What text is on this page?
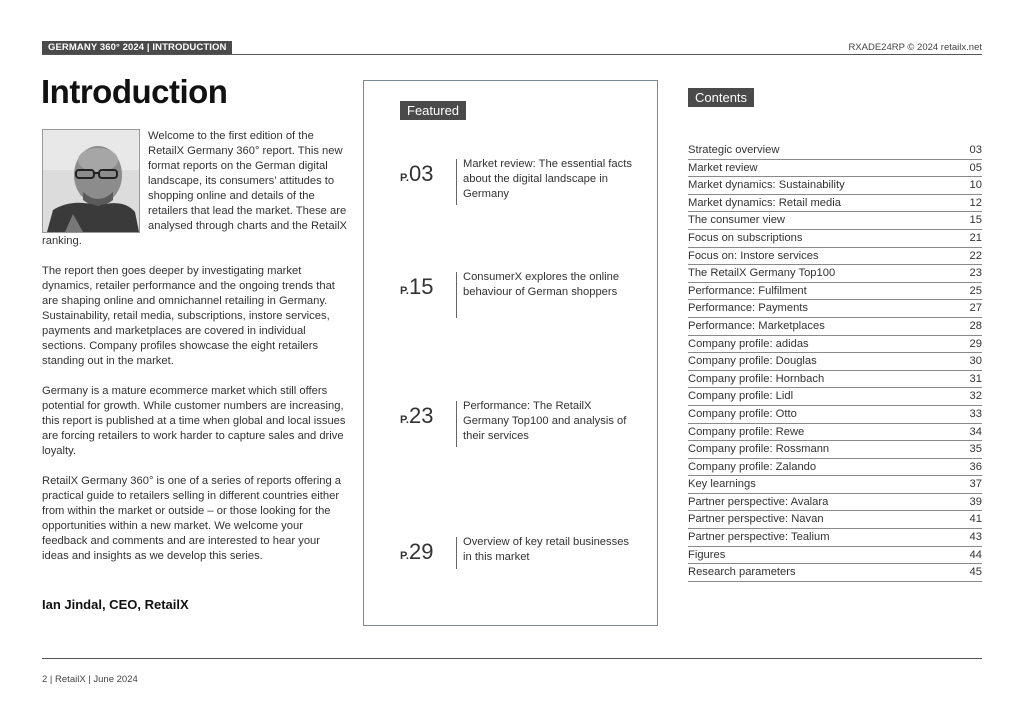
GERMANY 360° 2024 | INTRODUCTION	RXADE24RP © 2024 retailx.net
Introduction

Welcome to the first edition of the RetailX Germany 360° report. This new format reports on the German digital landscape, its consumers’ attitudes to shopping online and details of the retailers that lead the market. These are analysed through charts and the RetailX ranking.

The report then goes deeper by investigating market dynamics, retailer performance and the ongoing trends that are shaping online and omnichannel retailing in Germany. Sustainability, retail media, subscriptions, instore services, payments and marketplaces are covered in individual sections. Company profiles showcase the eight retailers standing out in the market.

Germany is a mature ecommerce market which still offers potential for growth. While customer numbers are increasing, this report is published at a time when global and local issues are forcing retailers to work harder to capture sales and drive loyalty.

RetailX Germany 360° is one of a series of reports offering a practical guide to retailers selling in different countries either from within the market or outside – or those looking for the opportunities within a new market. We welcome your feedback and comments and are interested to hear your ideas and insights as we develop this series.

Ian Jindal, CEO, RetailX
Featured
P.03	Market review: The essential facts about the digital landscape in Germany
P.15	ConsumerX explores the online behaviour of German shoppers
P.23	Performance: The RetailX Germany Top100 and analysis of their services
P.29	Overview of key retail businesses in this market
Contents
Strategic overview	03
Market review	05
Market dynamics: Sustainability	10
Market dynamics: Retail media	12
The consumer view	15
Focus on subscriptions	21
Focus on: Instore services	22
The RetailX Germany Top100	23
Performance: Fulfilment	25
Performance: Payments	27
Performance: Marketplaces	28
Company profile: adidas	29
Company profile: Douglas	30
Company profile: Hornbach	31
Company profile: Lidl	32
Company profile: Otto	33
Company profile: Rewe	34
Company profile: Rossmann	35
Company profile: Zalando	36
Key learnings	37
Partner perspective: Avalara	39
Partner perspective: Navan	41
Partner perspective: Tealium	43
Figures	44
Research parameters	45
2 | RetailX | June 2024
